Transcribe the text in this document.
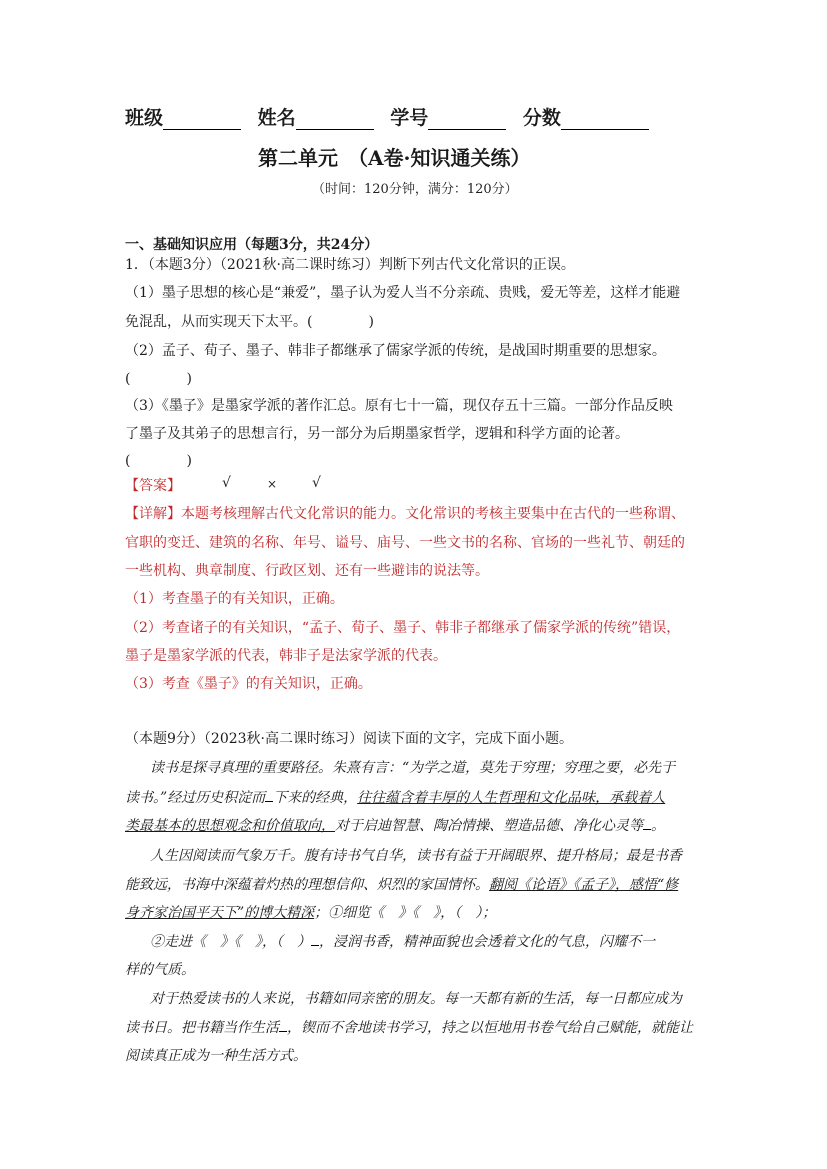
班级	姓名	学号	分数
第二单元　（A卷·知识通关练）
（时间：120分钟，满分：120分）
一、基础知识应用（每题3分，共24分）
1．（本题3分）（2021秋·高二课时练习）判断下列古代文化常识的正误。
（1）墨子思想的核心是“兼爱”，墨子认为爱人当不分亲疏、贵贱，爱无等差，这样才能避
免混乱，从而实现天下太平。(　　　　)
（2）孟子、荀子、墨子、韩非子都继承了儒家学派的传统，是战国时期重要的思想家。
(　　　　)
（3）《墨子》是墨家学派的著作汇总。原有七十一篇，现仅存五十三篇。一部分作品反映
了墨子及其弟子的思想言行，另一部分为后期墨家哲学，逻辑和科学方面的论著。
(　　　　)
【答案】	√	× √
【详解】本题考核理解古代文化常识的能力。文化常识的考核主要集中在古代的一些称谓、
官职的变迁、建筑的名称、年号、谥号、庙号、一些文书的名称、官场的一些礼节、朝廷的
一些机构、典章制度、行政区划、还有一些避讳的说法等。
（1）考查墨子的有关知识，正确。
（2）考查诸子的有关知识，“孟子、荀子、墨子、韩非子都继承了儒家学派的传统”错误，
墨子是墨家学派的代表，韩非子是法家学派的代表。
（3）考查《墨子》的有关知识，正确。
（本题9分）（2023秋·高二课时练习）阅读下面的文字，完成下面小题。
读书是探寻真理的重要路径。朱熹有言：“为学之道，莫先于穷理；穷理之要，必先于
读书。”经过历史积淀而 下来的经典，往往蕴含着丰厚的人生哲理和文化品味，承载着人
类最基本的思想观念和价值取向，对于启迪智慧、陶冶情操、塑造品德、净化心灵等 。
人生因阅读而气象万千。腹有诗书气自华，读书有益于开阔眼界、提升格局；最是书香
能致远，书海中深蕴着灼热的理想信仰、炽烈的家国情怀。翻阅《论语》《孟子》，感悟“修
身齐家治国平天下”的博大精深；①细览《　》《　》，（　）；
②走进《　》《　》，（　） ，浸润书香，精神面貌也会透着文化的气息，闪耀不一
样的气质。
对于热爱读书的人来说，书籍如同亲密的朋友。每一天都有新的生活，每一日都应成为
读书日。把书籍当作生活 ，锲而不舍地读书学习，持之以恒地用书卷气给自己赋能，就能让
阅读真正成为一种生活方式。
